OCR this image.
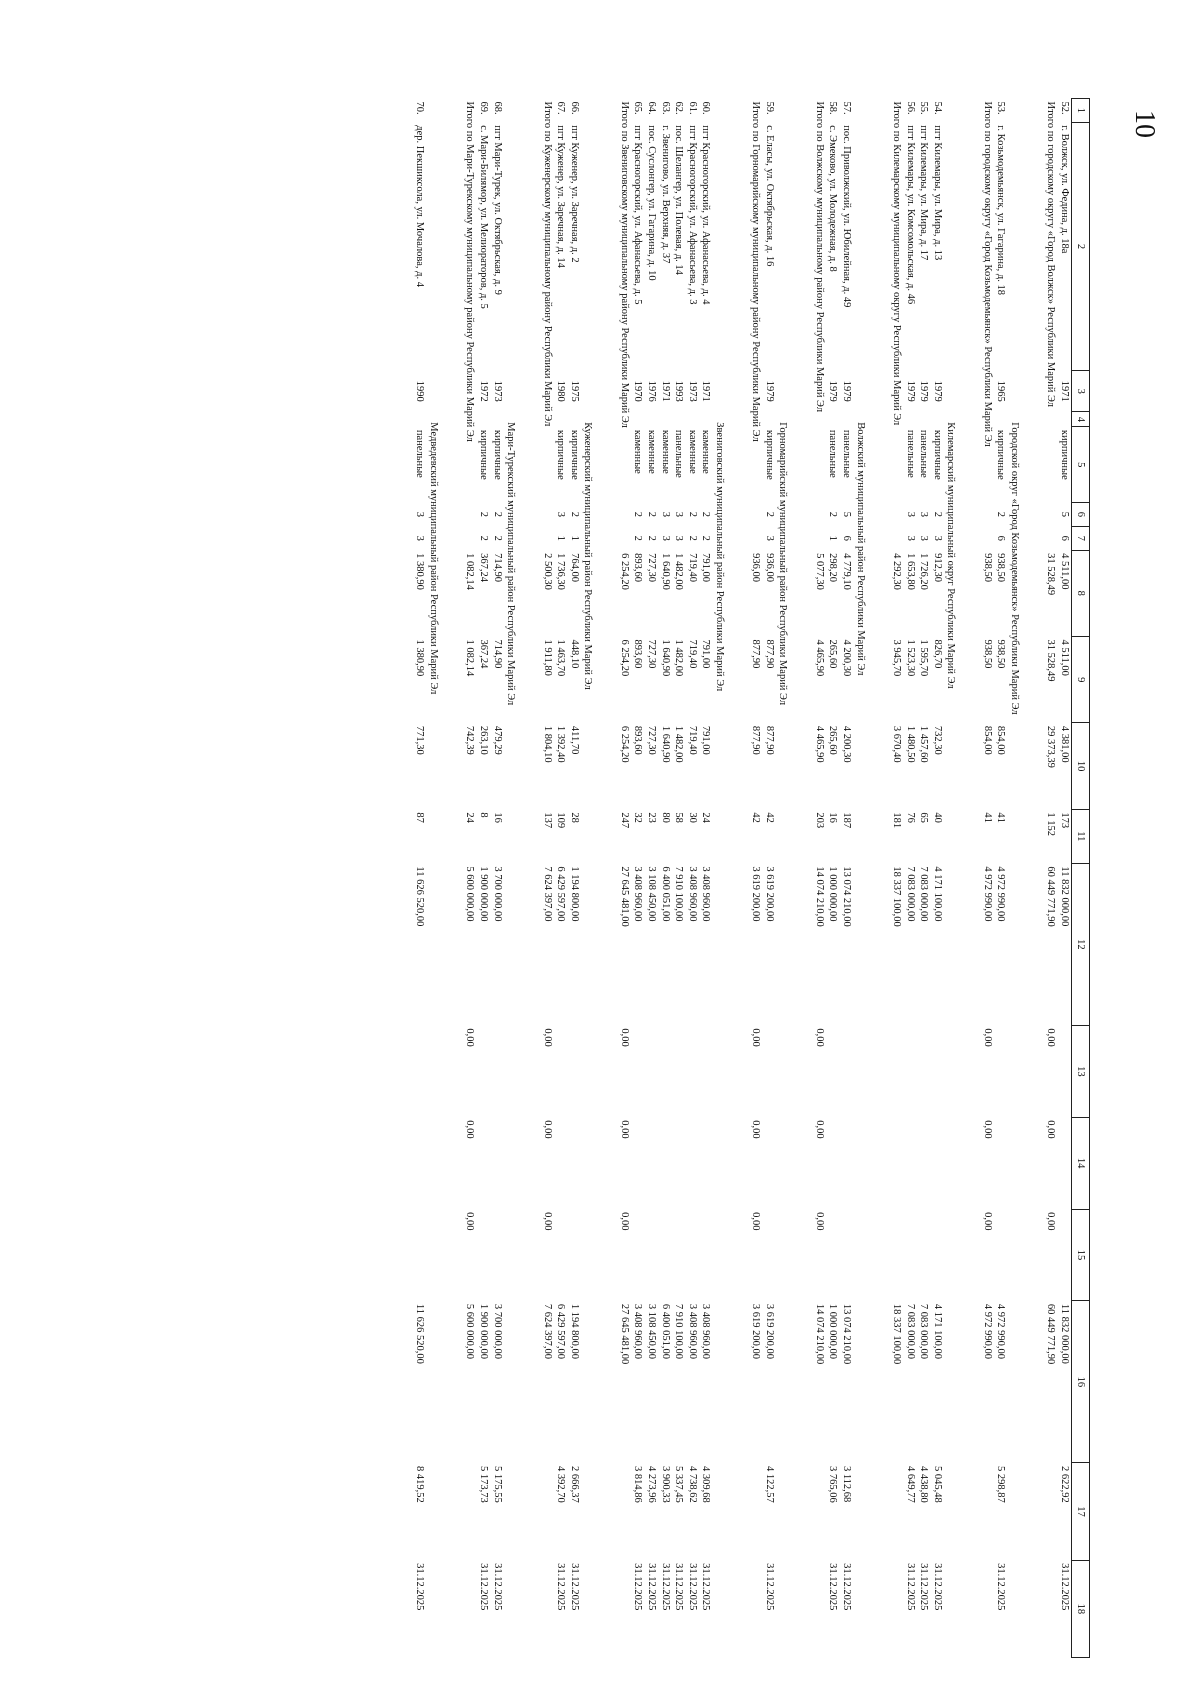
10
1	2	3	4	5	6	7	8	9	10	11	12	13	14	15	16	17	18
52.	г. Волжск, ул. Федина, д. 18а	1971		кирпичные	5	6	4 511,00	4 511,00	4 381,00	173	11 832 000,00				11 832 000,00	2 622,92	31.12.2025
Итого по городскому округу «Город Волжск» Республики Марий Эл							31 528,49	31 528,49	29 373,39	1 152	60 449 771,90	0,00	0,00	0,00	60 449 771,90		

	Городской округ «Город Козьмодемьянск» Республики Марий Эл																
53.	г. Козьмодемьянск, ул. Гагарина, д. 18	1965		кирпичные	2	6	938,50	938,50	854,00	41	4 972 990,00				4 972 990,00	5 298,87	31.12.2025
Итого по городскому округу «Город Козьмодемьянск» Республики Марий Эл							938,50	938,50	854,00	41	4 972 990,00	0,00	0,00	0,00	4 972 990,00		

	Килемарский муниципальный округ Республики Марий Эл																
54.	пгт Килемары, ул. Мира, д. 13	1979		кирпичные	2	3	912,30	826,70	732,30	40	4 171 100,00				4 171 100,00	5 045,48	31.12.2025
55.	пгт Килемары, ул. Мира, д. 17	1979		панельные	3	3	1 726,20	1 595,70	1 457,60	65	7 083 000,00				7 083 000,00	4 438,80	31.12.2025
56.	пгт Килемары, ул. Комсомольская, д. 46	1979		панельные	3	3	1 653,80	1 523,30	1 480,50	76	7 083 000,00				7 083 000,00	4 649,77	31.12.2025
Итого по Килемарскому муниципальному округу Республики Марий Эл							4 292,30	3 945,70	3 670,40	181	18 337 100,00				18 337 100,00		

	Волжский муниципальный район Республики Марий Эл																
57.	пос. Приволжский, ул. Юбилейная, д. 49	1979		панельные	5	6	4 779,10	4 200,30	4 200,30	187	13 074 210,00				13 074 210,00	3 112,68	31.12.2025
58.	с. Эмеково, ул. Молодежная, д. 8	1979		панельные	2	1	298,20	265,60	265,60	16	1 000 000,00				1 000 000,00	3 765,06	31.12.2025
Итого по Волжскому муниципальному району Республики Марий Эл							5 077,30	4 465,90	4 465,90	203	14 074 210,00	0,00	0,00	0,00	14 074 210,00		

	Горномарийский муниципальный район Республики Марий Эл																
59.	с. Еласы, ул. Октябрьская, д. 16	1979		кирпичные	2	3	936,00	877,90	877,90	42	3 619 200,00				3 619 200,00	4 122,57	31.12.2025
Итого по Горномарийскому муниципальному району Республики Марий Эл							936,00	877,90	877,90	42	3 619 200,00	0,00	0,00	0,00	3 619 200,00		

	Звениговский муниципальный район Республики Марий Эл																
60.	пгт Красногорский, ул. Афанасьева, д. 4	1971		каменные	2	2	791,00	791,00	791,00	24	3 408 960,00				3 408 960,00	4 309,68	31.12.2025
61.	пгт Красногорский, ул. Афанасьева, д. 3	1973		каменные	2	2	719,40	719,40	719,40	30	3 408 960,00				3 408 960,00	4 738,62	31.12.2025
62.	пос. Шелангер, ул. Полевая, д. 14	1993		панельные	3	3	1 482,00	1 482,00	1 482,00	58	7 910 100,00				7 910 100,00	5 337,45	31.12.2025
63.	г. Звенигово, ул. Верхняя, д. 37	1971		каменные	3	3	1 640,90	1 640,90	1 640,90	80	6 400 051,00				6 400 051,00	3 900,33	31.12.2025
64.	пос. Суслонгер, ул. Гагарина, д. 10	1976		каменные	2	2	727,30	727,30	727,30	23	3 108 450,00				3 108 450,00	4 273,96	31.12.2025
65.	пгт Красногорский, ул. Афанасьева, д. 5	1970		каменные	2	2	893,60	893,60	893,60	32	3 408 960,00				3 408 960,00	3 814,86	31.12.2025
Итого по Звениговскому муниципальному району Республики Марий Эл							6 254,20	6 254,20	6 254,20	247	27 645 481,00	0,00	0,00	0,00	27 645 481,00		

	Куженерский муниципальный район Республики Марий Эл																
66.	пгт Куженер, ул. Заречная, д. 2	1975		кирпичные	2	1	764,00	448,10	411,70	28	1 194 800,00				1 194 800,00	2 666,37	31.12.2025
67.	пгт Куженер, ул. Заречная, д. 14	1980		кирпичные	3	1	1 736,30	1 463,70	1 392,40	109	6 429 597,00				6 429 597,00	4 392,70	31.12.2025
Итого по Куженерскому муниципальному району Республики Марий Эл							2 500,30	1 911,80	1 804,10	137	7 624 397,00	0,00	0,00	0,00	7 624 397,00		

	Мари-Турекский муниципальный район Республики Марий Эл																
68.	пгт Мари-Турек, ул. Октябрьская, д. 9	1973		кирпичные	2	2	714,90	714,90	479,29	16	3 700 000,00				3 700 000,00	5 175,55	31.12.2025
69.	с. Мари-Билямор, ул. Мелиораторов, д. 5	1972		кирпичные	2	2	367,24	367,24	263,10	8	1 900 000,00				1 900 000,00	5 173,73	31.12.2025
Итого по Мари-Турекскому муниципальному району Республики Марий Эл							1 082,14	1 082,14	742,39	24	5 600 000,00	0,00	0,00	0,00	5 600 000,00		

	Медведевский муниципальный район Республики Марий Эл																
70.	дер. Пекшиксола, ул. Мочалова, д. 4	1990		панельные	3	3	1 380,90	1 380,90	771,30	87	11 626 520,00				11 626 520,00	8 419,52	31.12.2025
